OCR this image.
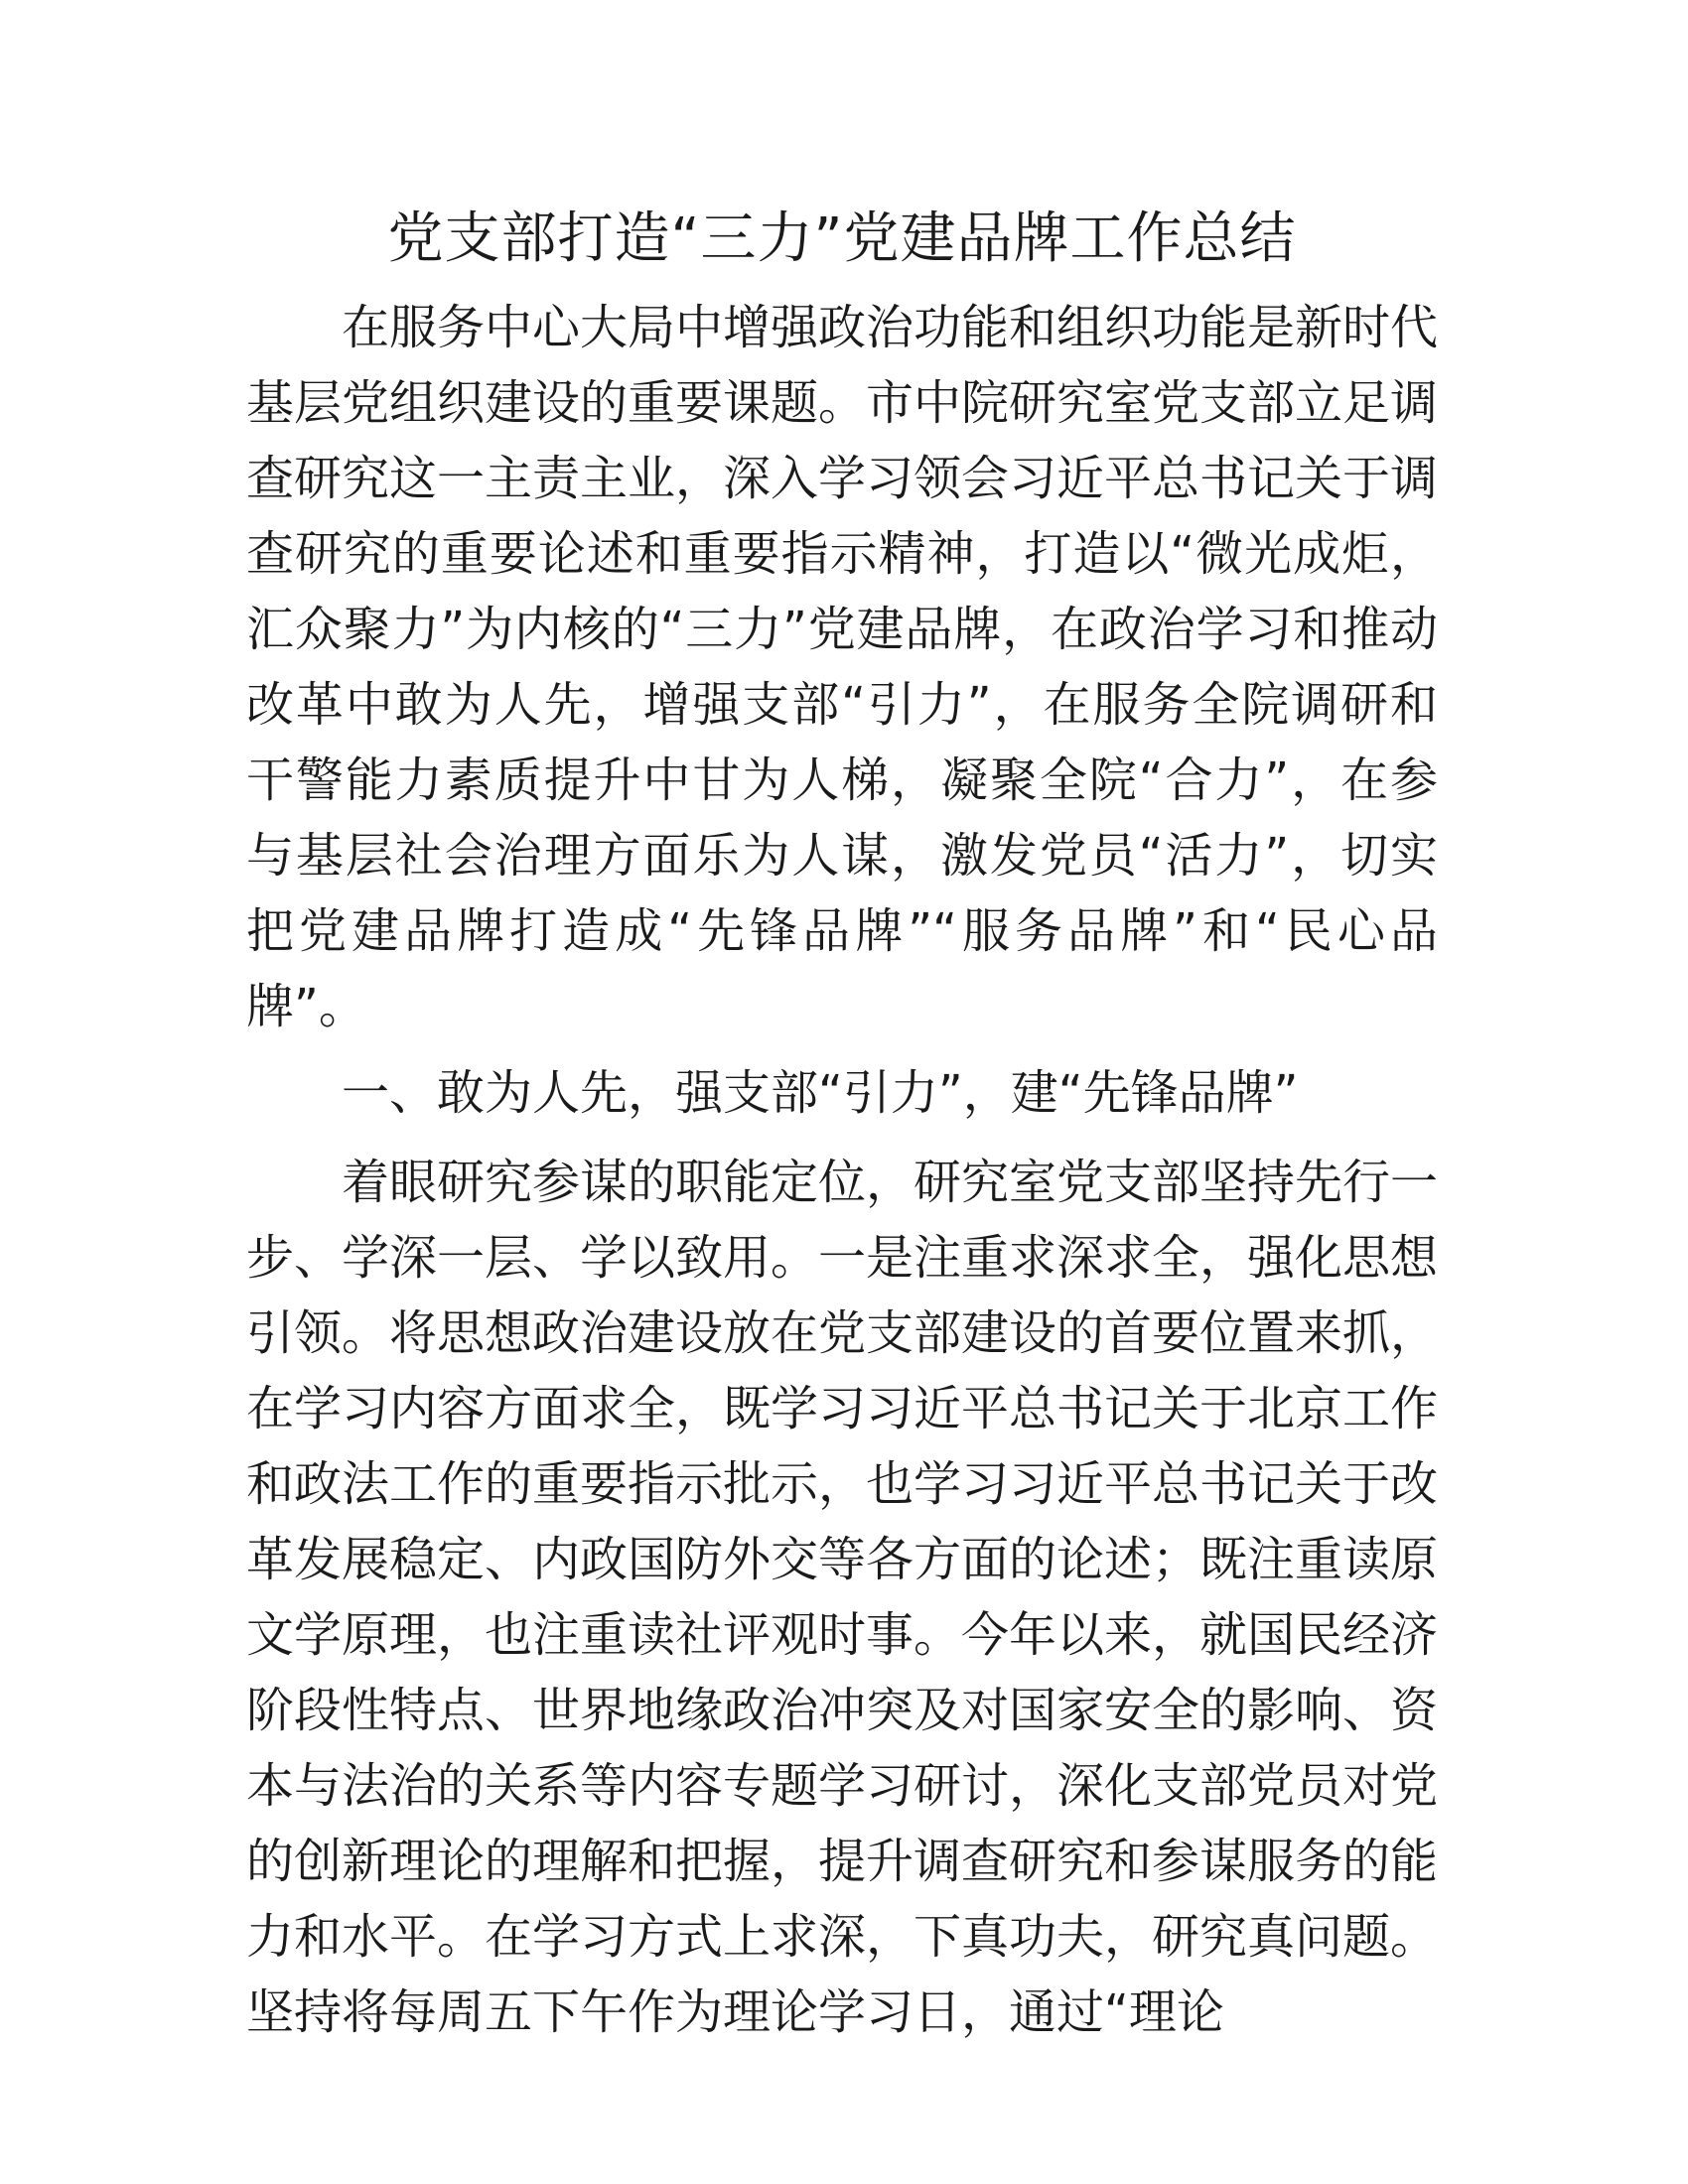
党支部打造“三力”党建品牌工作总结

在服务中心大局中增强政治功能和组织功能是新时代基层党组织建设的重要课题。市中院研究室党支部立足调查研究这一主责主业，深入学习领会习近平总书记关于调查研究的重要论述和重要指示精神，打造以“微光成炬，汇众聚力”为内核的“三力”党建品牌，在政治学习和推动改革中敢为人先，增强支部“引力”，在服务全院调研和干警能力素质提升中甘为人梯，凝聚全院“合力”，在参与基层社会治理方面乐为人谋，激发党员“活力”，切实把党建品牌打造成“先锋品牌”“服务品牌”和“民心品牌”。

一、敢为人先，强支部“引力”，建“先锋品牌”

着眼研究参谋的职能定位，研究室党支部坚持先行一步、学深一层、学以致用。一是注重求深求全，强化思想引领。将思想政治建设放在党支部建设的首要位置来抓，在学习内容方面求全，既学习习近平总书记关于北京工作和政法工作的重要指示批示，也学习习近平总书记关于改革发展稳定、内政国防外交等各方面的论述；既注重读原文学原理，也注重读社评观时事。今年以来，就国民经济阶段性特点、世界地缘政治冲突及对国家安全的影响、资本与法治的关系等内容专题学习研讨，深化支部党员对党的创新理论的理解和把握，提升调查研究和参谋服务的能力和水平。在学习方式上求深，下真功夫，研究真问题。坚持将每周五下午作为理论学习日，通过“理论
